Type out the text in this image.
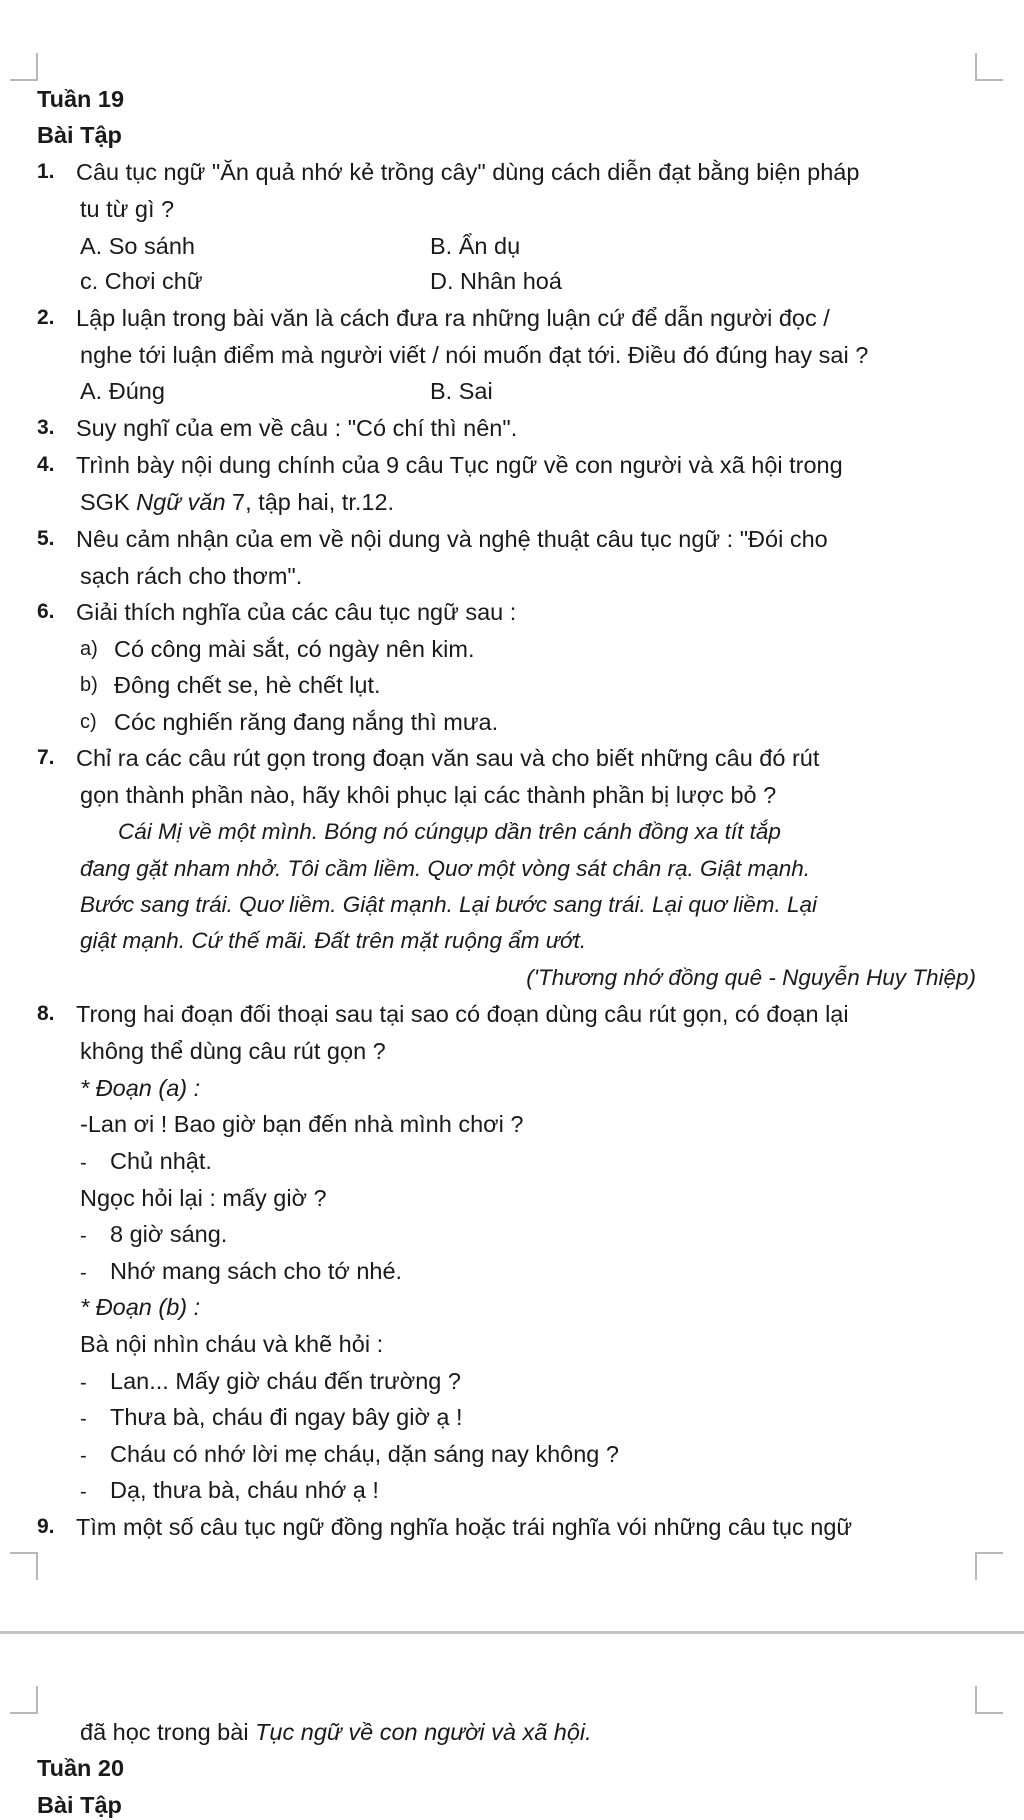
Tuần 19
Bài Tập
1. Câu tục ngữ "Ăn quả nhớ kẻ trồng cây" dùng cách diễn đạt bằng biện pháp
tu từ gì ?
A. So sánh	B. Ẩn dụ
c. Chơi chữ	D. Nhân hoá
2. Lập luận trong bài văn là cách đưa ra những luận cứ để dẫn người đọc /
nghe tới luận điểm mà người viết / nói muốn đạt tới. Điều đó đúng hay sai ?
A. Đúng	B. Sai
3. Suy nghĩ của em về câu : "Có chí thì nên".
4. Trình bày nội dung chính của 9 câu Tục ngữ về con người và xã hội trong
SGK Ngữ văn 7, tập hai, tr.12.
5. Nêu cảm nhận của em về nội dung và nghệ thuật câu tục ngữ : "Đói cho
sạch rách cho thơm".
6. Giải thích nghĩa của các câu tục ngữ sau :
a) Có công mài sắt, có ngày nên kim.
b) Đông chết se, hè chết lụt.
c) Cóc nghiến răng đang nắng thì mưa.
7. Chỉ ra các câu rút gọn trong đoạn văn sau và cho biết những câu đó rút
gọn thành phần nào, hãy khôi phục lại các thành phần bị lược bỏ ?
Cái Mị về một mình. Bóng nó cúngụp dần trên cánh đồng xa tít tắp
đang gặt nham nhở. Tôi cầm liềm. Quơ một vòng sát chân rạ. Giật mạnh.
Bước sang trái. Quơ liềm. Giật mạnh. Lại bước sang trái. Lại quơ liềm. Lại
giật mạnh. Cứ thế mãi. Đất trên mặt ruộng ẩm ướt.
('Thương nhớ đồng quê - Nguyễn Huy Thiệp)
8. Trong hai đoạn đối thoại sau tại sao có đoạn dùng câu rút gọn, có đoạn lại
không thể dùng câu rút gọn ?
* Đoạn (a) :
-Lan ơi ! Bao giờ bạn đến nhà mình chơi ?
- Chủ nhật.
Ngọc hỏi lại : mấy giờ ?
- 8 giờ sáng.
- Nhớ mang sách cho tớ nhé.
* Đoạn (b) :
Bà nội nhìn cháu và khẽ hỏi :
- Lan... Mấy giờ cháu đến trường ?
- Thưa bà, cháu đi ngay bây giờ ạ !
- Cháu có nhớ lời mẹ cháụ, dặn sáng nay không ?
- Dạ, thưa bà, cháu nhớ ạ !
9. Tìm một số câu tục ngữ đồng nghĩa hoặc trái nghĩa vói những câu tục ngữ
đã học trong bài Tục ngữ về con người và xã hội.
Tuần 20
Bài Tập
